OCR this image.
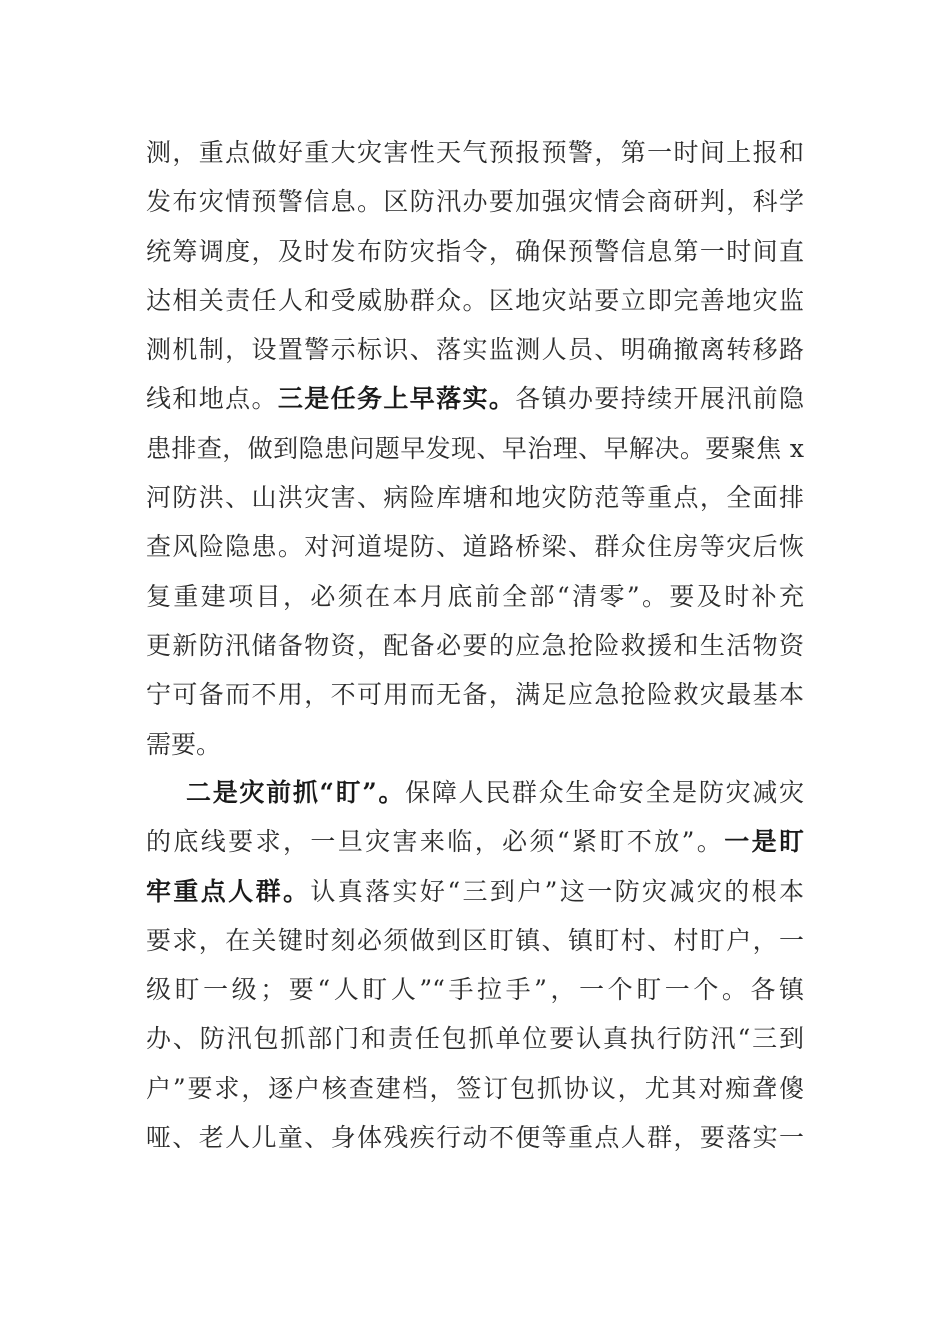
测，重点做好重大灾害性天气预报预警，第一时间上报和
发布灾情预警信息。区防汛办要加强灾情会商研判，科学
统筹调度，及时发布防灾指令，确保预警信息第一时间直
达相关责任人和受威胁群众。区地灾站要立即完善地灾监
测机制，设置警示标识、落实监测人员、明确撤离转移路
线和地点。三是任务上早落实。各镇办要持续开展汛前隐
患排查，做到隐患问题早发现、早治理、早解决。要聚焦 x
河防洪、山洪灾害、病险库塘和地灾防范等重点，全面排
查风险隐患。对河道堤防、道路桥梁、群众住房等灾后恢
复重建项目，必须在本月底前全部“清零”。要及时补充
更新防汛储备物资，配备必要的应急抢险救援和生活物资
宁可备而不用，不可用而无备，满足应急抢险救灾最基本
需要。
二是灾前抓“盯”。保障人民群众生命安全是防灾减灾
的底线要求，一旦灾害来临，必须“紧盯不放”。一是盯
牢重点人群。认真落实好“三到户”这一防灾减灾的根本
要求，在关键时刻必须做到区盯镇、镇盯村、村盯户，一
级盯一级；要“人盯人”“手拉手”，一个盯一个。各镇
办、防汛包抓部门和责任包抓单位要认真执行防汛“三到
户”要求，逐户核查建档，签订包抓协议，尤其对痴聋傻
哑、老人儿童、身体残疾行动不便等重点人群，要落实一
